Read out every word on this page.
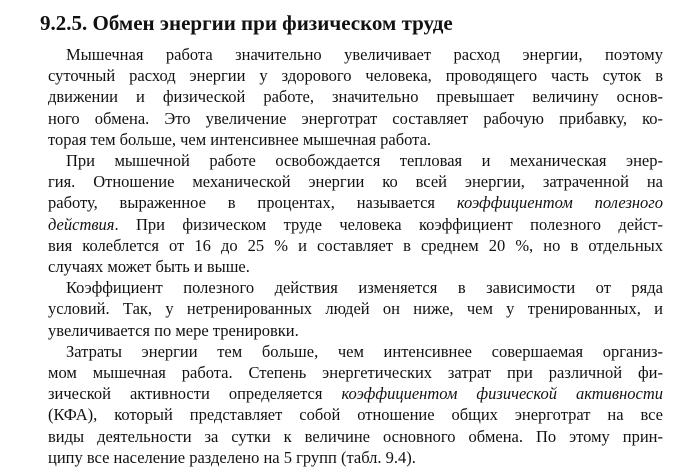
9.2.5. Обмен энергии при физическом труде
Мышечная работа значительно увеличивает расход энергии, поэтому
суточный расход энергии у здорового человека, проводящего часть суток в
движении и физической работе, значительно превышает величину основ-
ного обмена. Это увеличение энерготрат составляет рабочую прибавку, ко-
торая тем больше, чем интенсивнее мышечная работа.
При мышечной работе освобождается тепловая и механическая энер-
гия. Отношение механической энергии ко всей энергии, затраченной на
работу, выраженное в процентах, называется коэффициентом полезного
действия. При физическом труде человека коэффициент полезного дейст-
вия колеблется от 16 до 25 % и составляет в среднем 20 %, но в отдельных
случаях может быть и выше.
Коэффициент полезного действия изменяется в зависимости от ряда
условий. Так, у нетренированных людей он ниже, чем у тренированных, и
увеличивается по мере тренировки.
Затраты энергии тем больше, чем интенсивнее совершаемая организ-
мом мышечная работа. Степень энергетических затрат при различной фи-
зической активности определяется коэффициентом физической активности
(КФА), который представляет собой отношение общих энерготрат на все
виды деятельности за сутки к величине основного обмена. По этому прин-
ципу все население разделено на 5 групп (табл. 9.4).
